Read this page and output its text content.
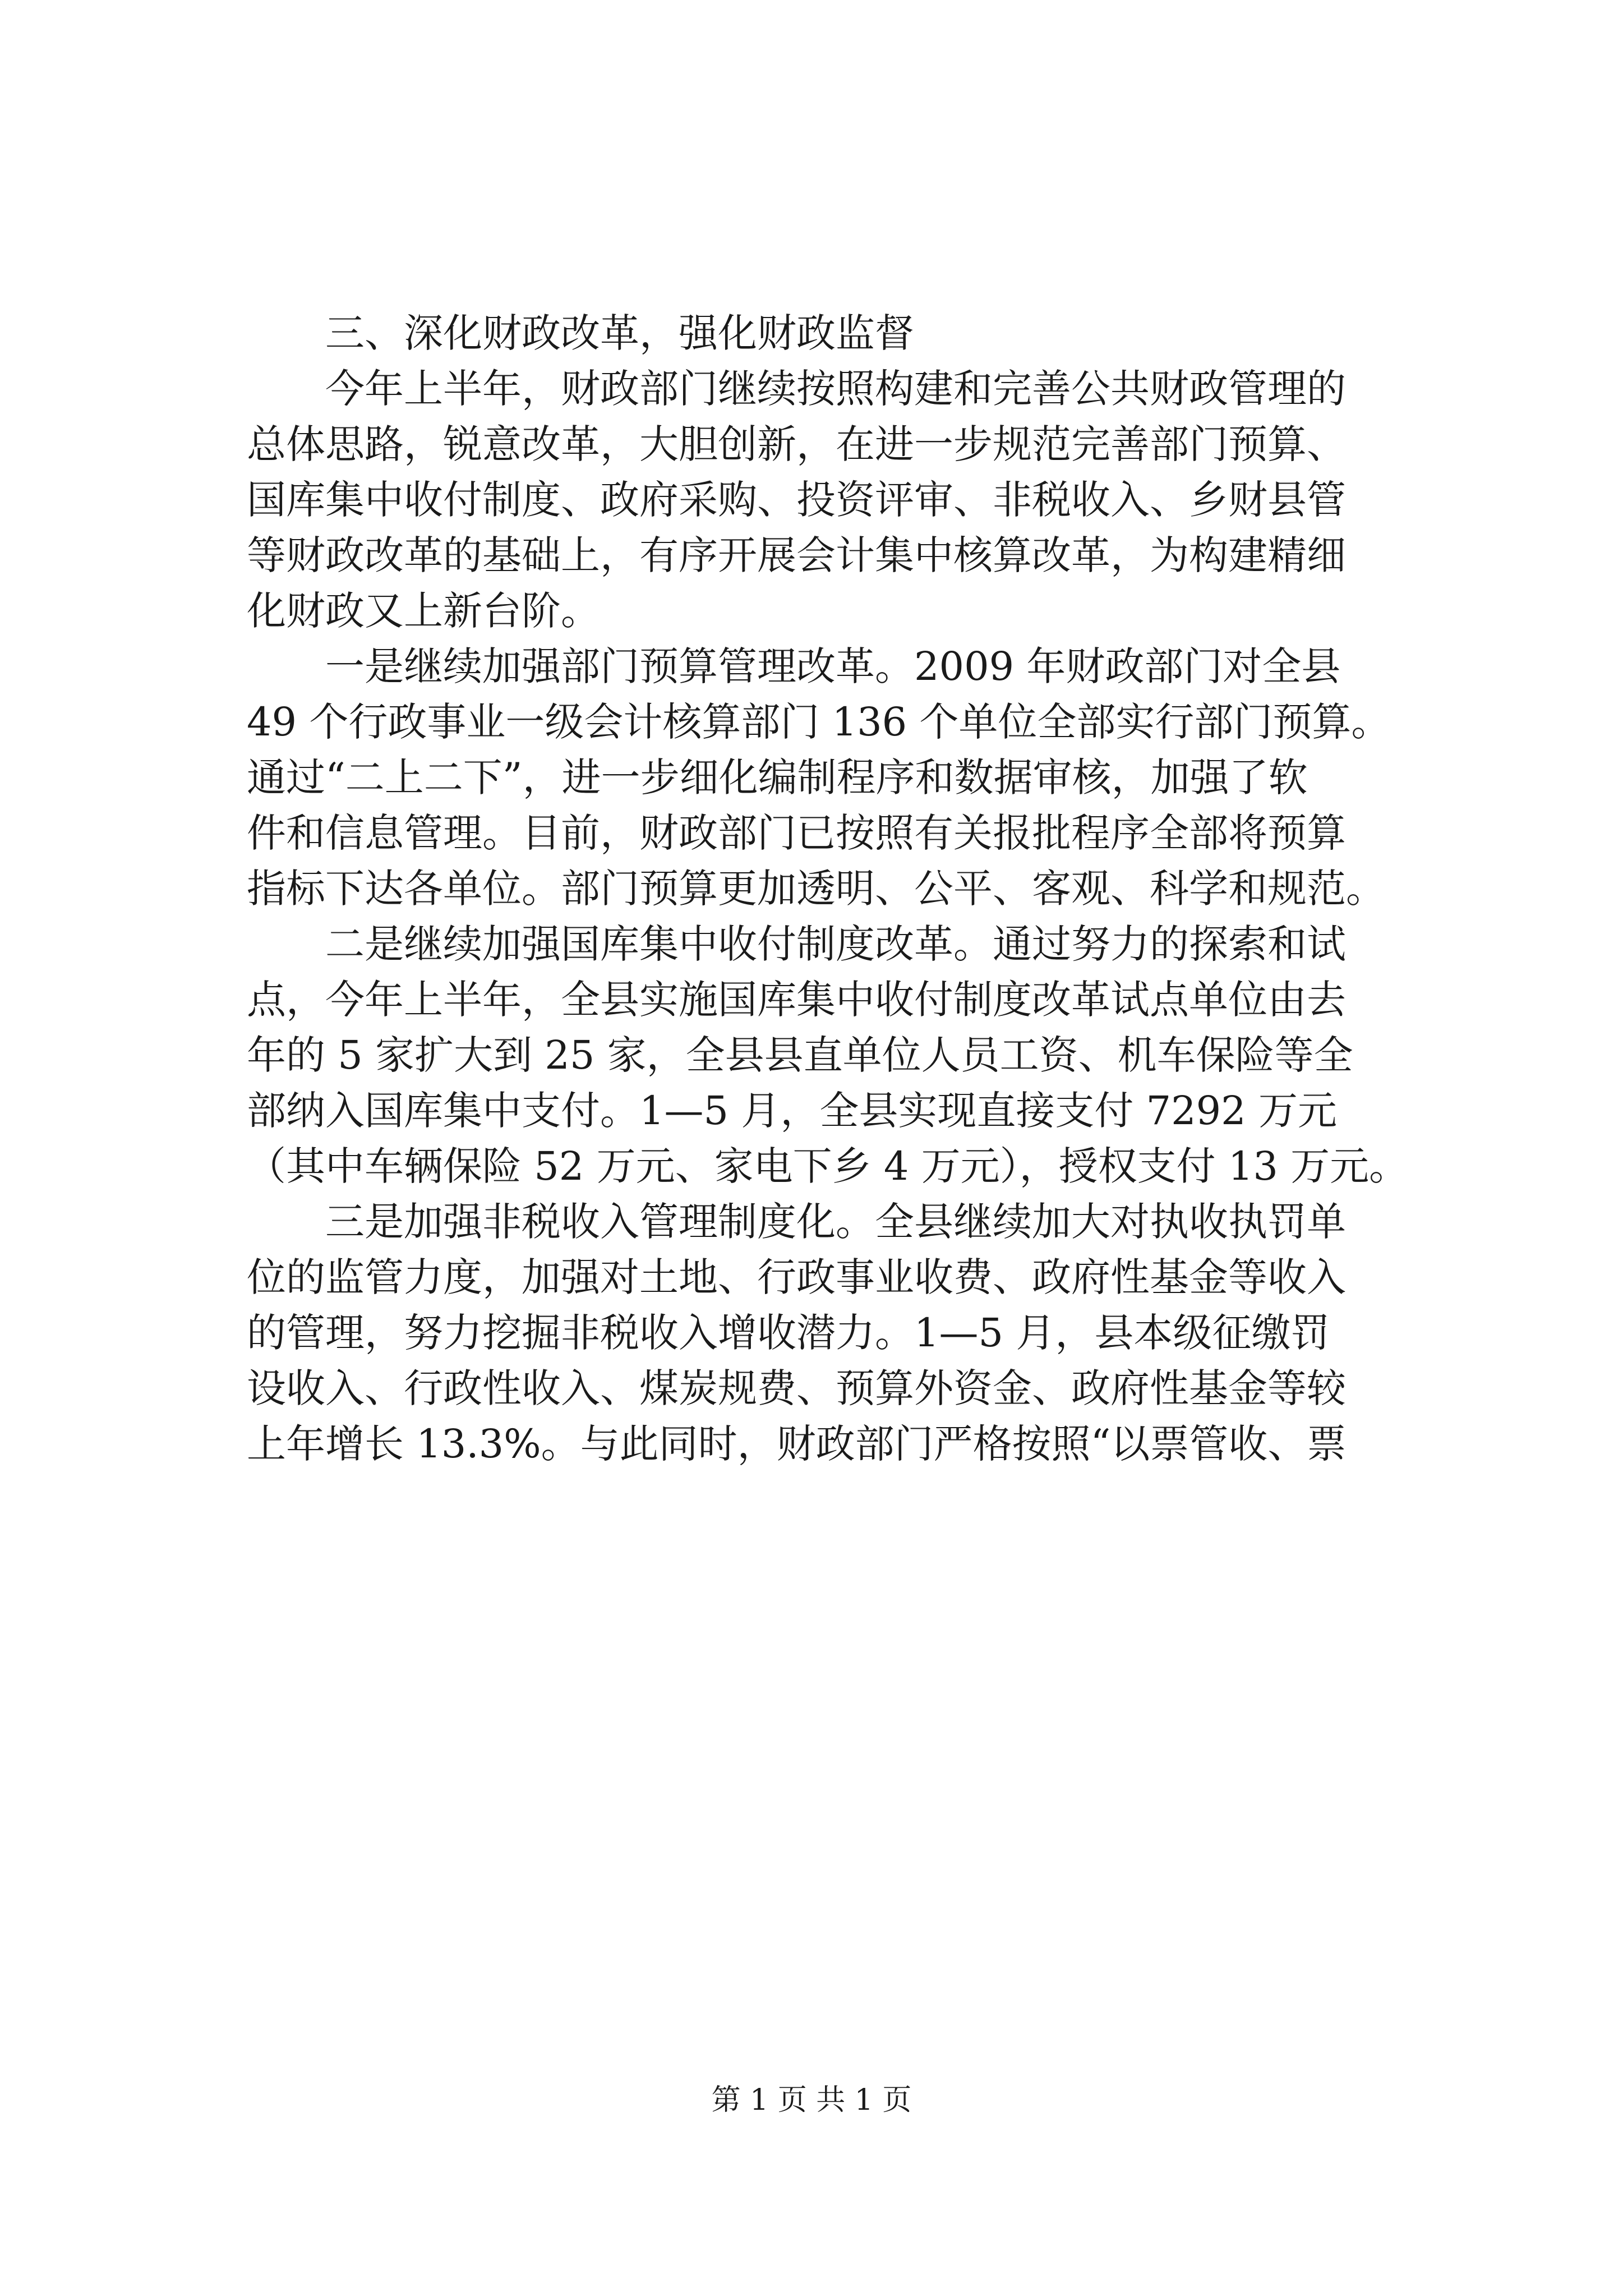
三、深化财政改革，强化财政监督
今年上半年，财政部门继续按照构建和完善公共财政管理的
总体思路，锐意改革，大胆创新，在进一步规范完善部门预算、
国库集中收付制度、政府采购、投资评审、非税收入、乡财县管
等财政改革的基础上，有序开展会计集中核算改革，为构建精细
化财政又上新台阶。
一是继续加强部门预算管理改革。2009 年财政部门对全县
49 个行政事业一级会计核算部门 136 个单位全部实行部门预算。
通过“二上二下”，进一步细化编制程序和数据审核，加强了软
件和信息管理。目前，财政部门已按照有关报批程序全部将预算
指标下达各单位。部门预算更加透明、公平、客观、科学和规范。
二是继续加强国库集中收付制度改革。通过努力的探索和试
点，今年上半年，全县实施国库集中收付制度改革试点单位由去
年的 5 家扩大到 25 家，全县县直单位人员工资、机车保险等全
部纳入国库集中支付。1—5 月，全县实现直接支付 7292 万元
（其中车辆保险 52 万元、家电下乡 4 万元），授权支付 13 万元。
三是加强非税收入管理制度化。全县继续加大对执收执罚单
位的监管力度，加强对土地、行政事业收费、政府性基金等收入
的管理，努力挖掘非税收入增收潜力。1—5 月，县本级征缴罚
设收入、行政性收入、煤炭规费、预算外资金、政府性基金等较
上年增长 13.3%。与此同时，财政部门严格按照“以票管收、票
第 1 页 共 1 页
